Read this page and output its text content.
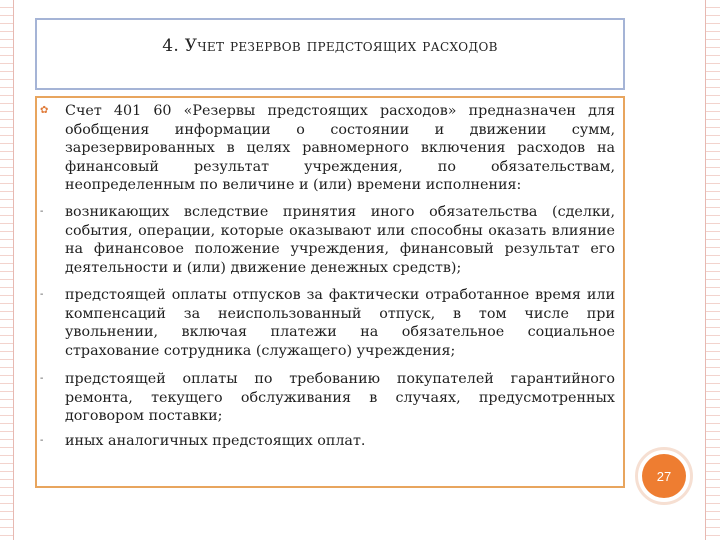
4. Учет резервов предстоящих расходов
✿ Счет 401 60 «Резервы предстоящих расходов» предназначен для обобщения информации о состоянии и движении сумм, зарезервированных в целях равномерного включения расходов на финансовый результат учреждения, по обязательствам, неопределенным по величине и (или) времени исполнения:
- возникающих вследствие принятия иного обязательства (сделки, события, операции, которые оказывают или способны оказать влияние на финансовое положение учреждения, финансовый результат его деятельности и (или) движение денежных средств);
- предстоящей оплаты отпусков за фактически отработанное время или компенсаций за неиспользованный отпуск, в том числе при увольнении, включая платежи на обязательное социальное страхование сотрудника (служащего) учреждения;
- предстоящей оплаты по требованию покупателей гарантийного ремонта, текущего обслуживания в случаях, предусмотренных договором поставки;
- иных аналогичных предстоящих оплат.
27
